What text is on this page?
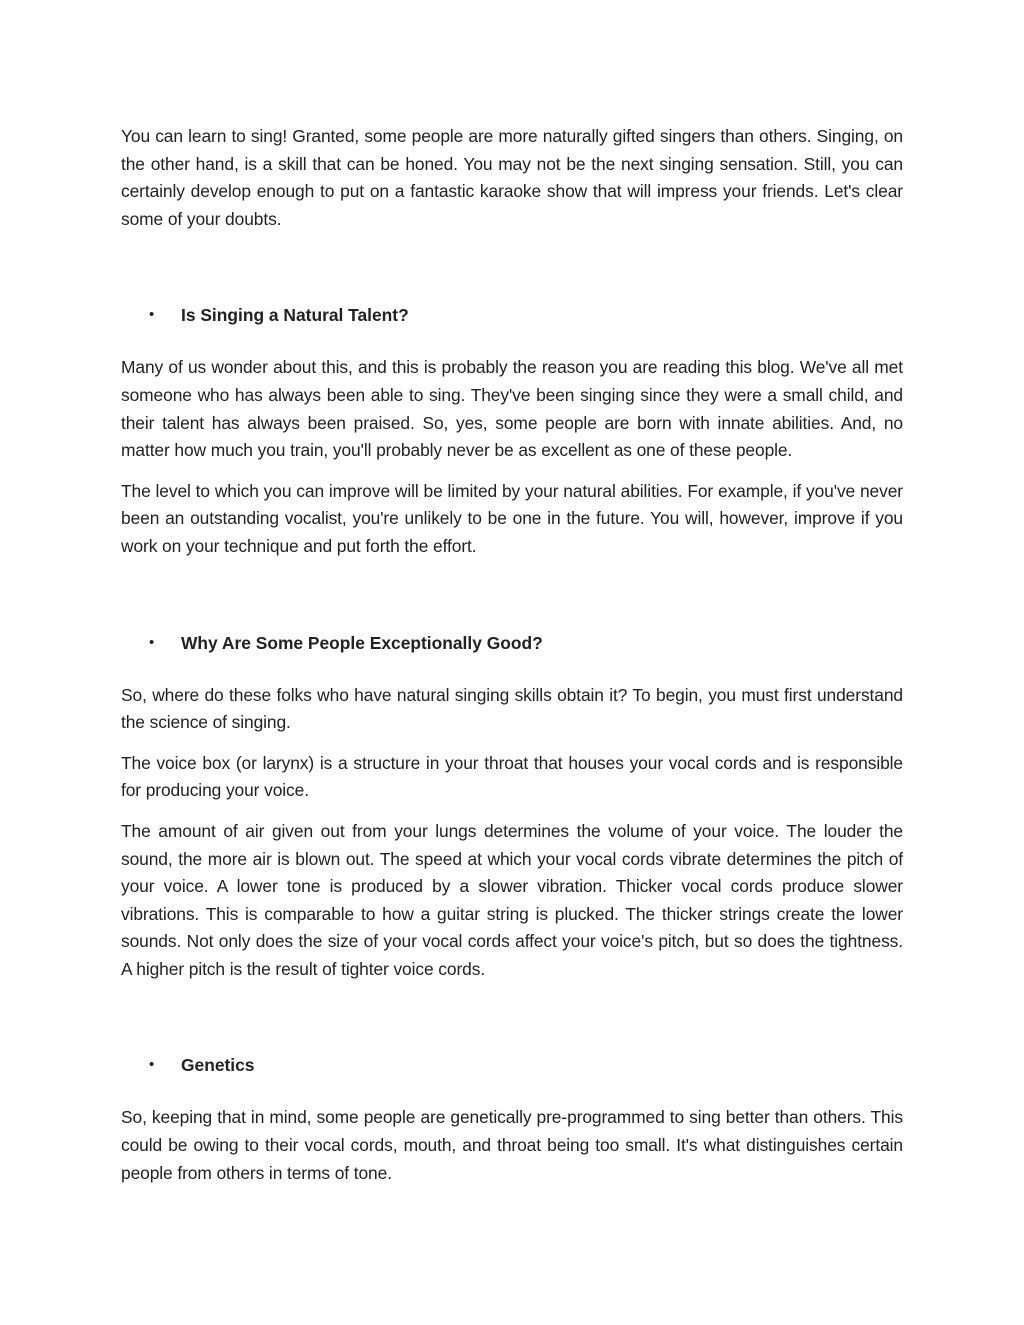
You can learn to sing! Granted, some people are more naturally gifted singers than others. Singing, on the other hand, is a skill that can be honed. You may not be the next singing sensation. Still, you can certainly develop enough to put on a fantastic karaoke show that will impress your friends. Let's clear some of your doubts.

• Is Singing a Natural Talent?

Many of us wonder about this, and this is probably the reason you are reading this blog. We've all met someone who has always been able to sing. They've been singing since they were a small child, and their talent has always been praised. So, yes, some people are born with innate abilities. And, no matter how much you train, you'll probably never be as excellent as one of these people.

The level to which you can improve will be limited by your natural abilities. For example, if you've never been an outstanding vocalist, you're unlikely to be one in the future. You will, however, improve if you work on your technique and put forth the effort.

• Why Are Some People Exceptionally Good?

So, where do these folks who have natural singing skills obtain it? To begin, you must first understand the science of singing.

The voice box (or larynx) is a structure in your throat that houses your vocal cords and is responsible for producing your voice.

The amount of air given out from your lungs determines the volume of your voice. The louder the sound, the more air is blown out. The speed at which your vocal cords vibrate determines the pitch of your voice. A lower tone is produced by a slower vibration. Thicker vocal cords produce slower vibrations. This is comparable to how a guitar string is plucked. The thicker strings create the lower sounds. Not only does the size of your vocal cords affect your voice's pitch, but so does the tightness. A higher pitch is the result of tighter voice cords.

• Genetics

So, keeping that in mind, some people are genetically pre-programmed to sing better than others. This could be owing to their vocal cords, mouth, and throat being too small. It's what distinguishes certain people from others in terms of tone.
